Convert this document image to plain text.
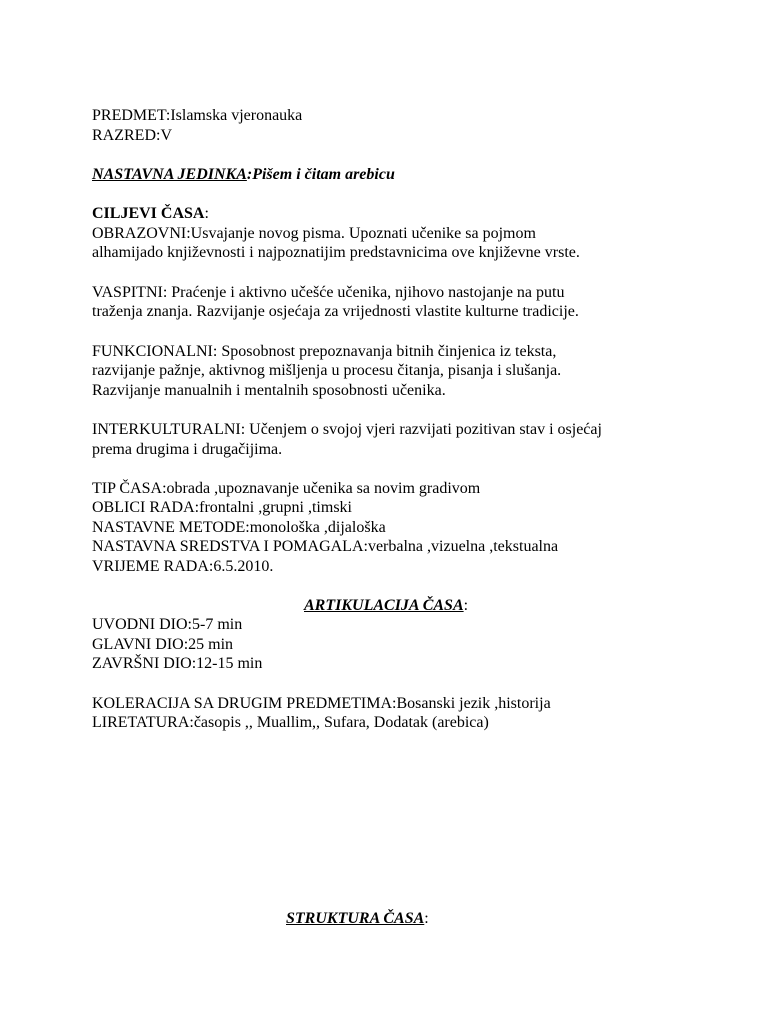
PREDMET:Islamska vjeronauka
RAZRED:V
NASTAVNA JEDINKA:Pišem i čitam arebicu
CILJEVI ČASA:
OBRAZOVNI:Usvajanje novog pisma. Upoznati učenike sa pojmom
alhamijado književnosti i najpoznatijim predstavnicima ove književne vrste.
VASPITNI: Praćenje i aktivno učešće učenika, njihovo nastojanje na putu
traženja znanja. Razvijanje osjećaja za vrijednosti vlastite kulturne tradicije.
FUNKCIONALNI: Sposobnost prepoznavanja bitnih činjenica iz teksta,
razvijanje pažnje, aktivnog mišljenja u procesu čitanja, pisanja i slušanja.
Razvijanje manualnih i mentalnih sposobnosti učenika.
INTERKULTURALNI: Učenjem o svojoj vjeri razvijati pozitivan stav i osjećaj
prema drugima i drugačijima.
TIP ČASA:obrada ,upoznavanje učenika sa novim gradivom
OBLICI RADA:frontalni ,grupni ,timski
NASTAVNE METODE:monološka ,dijaloška
NASTAVNA SREDSTVA I POMAGALA:verbalna ,vizuelna ,tekstualna
VRIJEME RADA:6.5.2010.
ARTIKULACIJA ČASA:
UVODNI DIO:5-7 min
GLAVNI DIO:25 min
ZAVRŠNI DIO:12-15 min
KOLERACIJA SA DRUGIM PREDMETIMA:Bosanski jezik ,historija
LIRETATURA:časopis ,, Muallim,, Sufara, Dodatak (arebica)
STRUKTURA ČASA:
